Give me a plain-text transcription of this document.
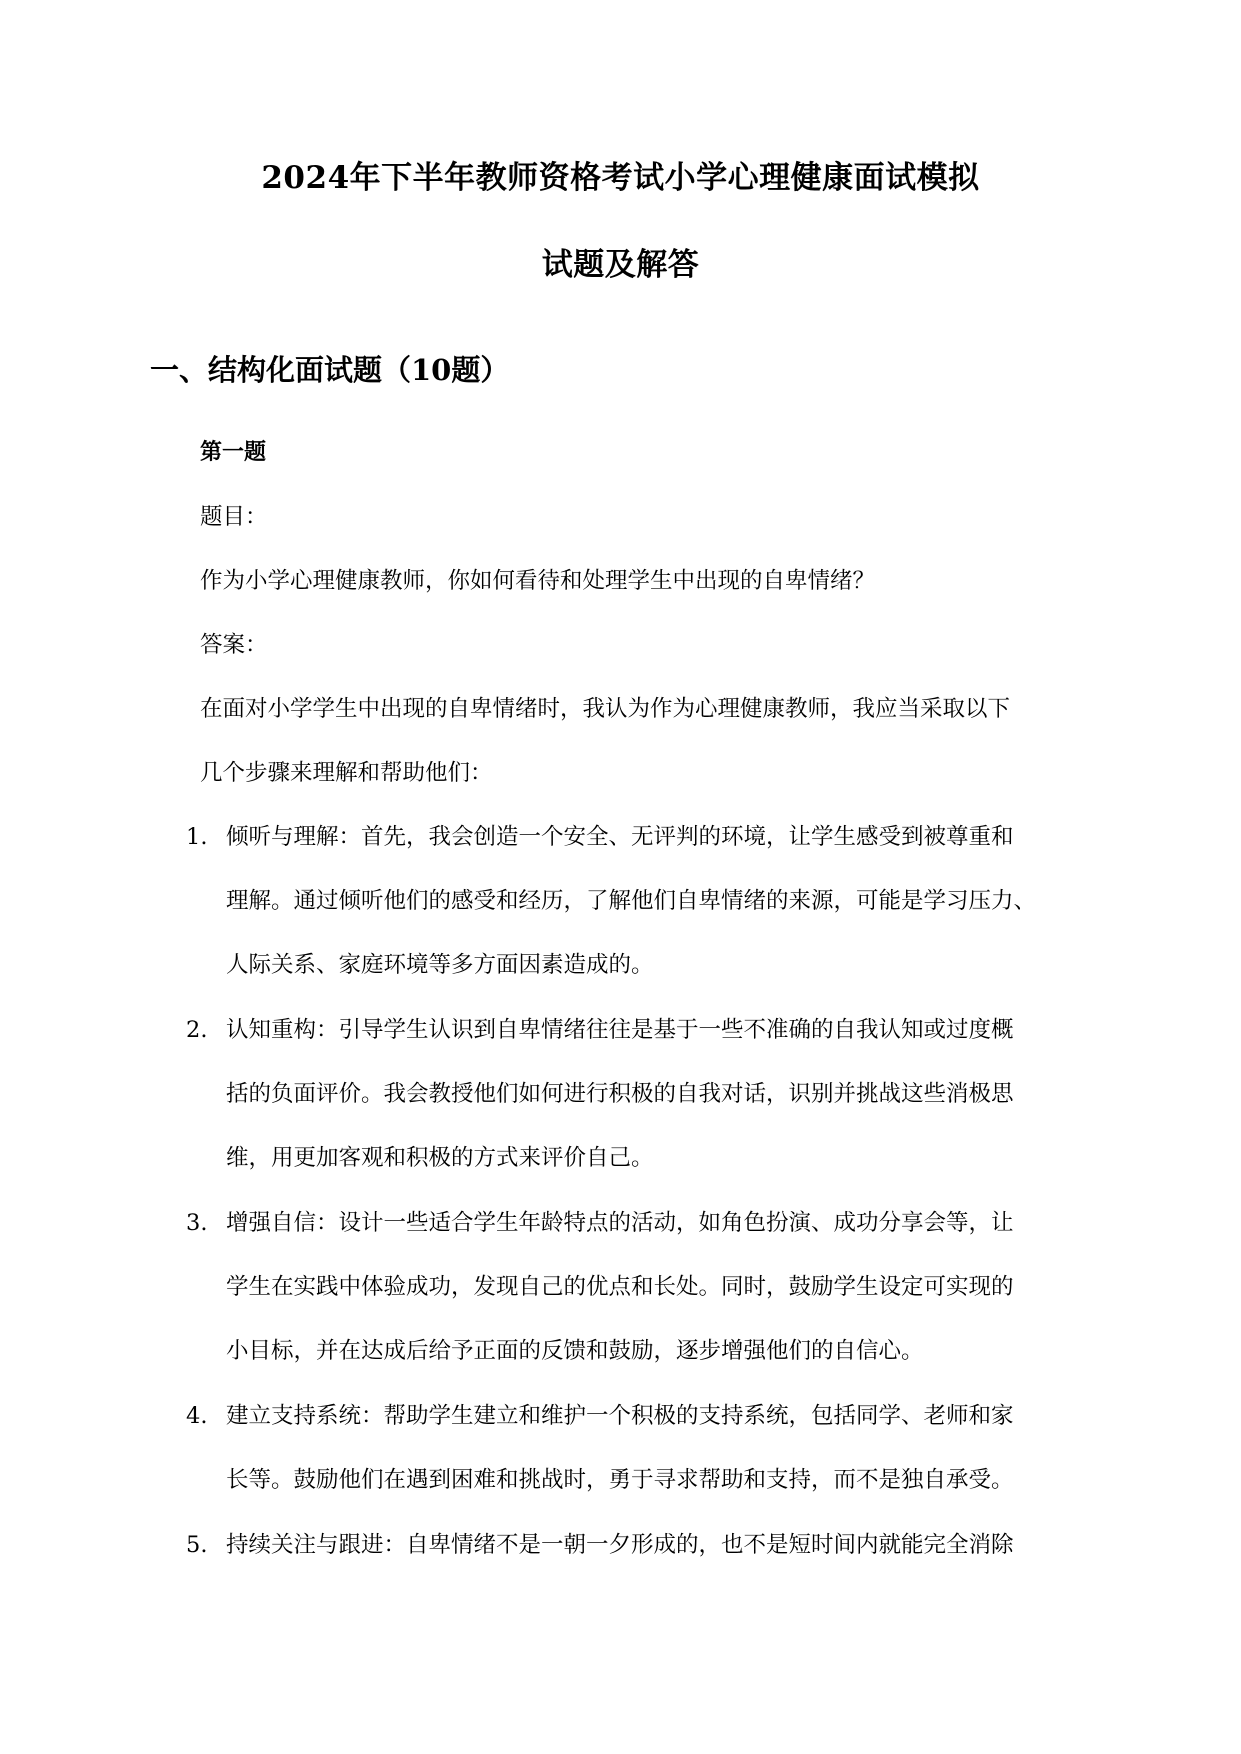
2024年下半年教师资格考试小学心理健康面试模拟
试题及解答
一、结构化面试题（10题）
第一题
题目：
作为小学心理健康教师，你如何看待和处理学生中出现的自卑情绪？
答案：
在面对小学学生中出现的自卑情绪时，我认为作为心理健康教师，我应当采取以下
几个步骤来理解和帮助他们：
1. 倾听与理解：首先，我会创造一个安全、无评判的环境，让学生感受到被尊重和
理解。通过倾听他们的感受和经历，了解他们自卑情绪的来源，可能是学习压力、
人际关系、家庭环境等多方面因素造成的。
2. 认知重构：引导学生认识到自卑情绪往往是基于一些不准确的自我认知或过度概
括的负面评价。我会教授他们如何进行积极的自我对话，识别并挑战这些消极思
维，用更加客观和积极的方式来评价自己。
3. 增强自信：设计一些适合学生年龄特点的活动，如角色扮演、成功分享会等，让
学生在实践中体验成功，发现自己的优点和长处。同时，鼓励学生设定可实现的
小目标，并在达成后给予正面的反馈和鼓励，逐步增强他们的自信心。
4. 建立支持系统：帮助学生建立和维护一个积极的支持系统，包括同学、老师和家
长等。鼓励他们在遇到困难和挑战时，勇于寻求帮助和支持，而不是独自承受。
5. 持续关注与跟进：自卑情绪不是一朝一夕形成的，也不是短时间内就能完全消除
